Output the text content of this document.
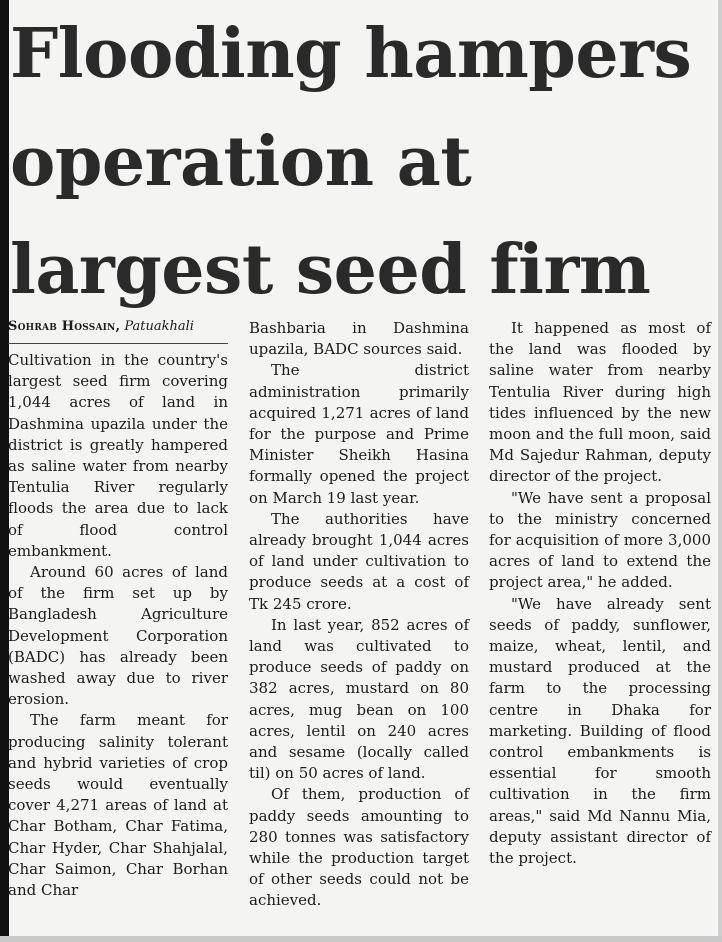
Flooding hampers
operation at
largest seed firm
Sohrab Hossain, Patuakhali

Cultivation in the country's largest seed firm covering 1,044 acres of land in Dashmina upazila under the district is greatly hampered as saline water from nearby Tentulia River regularly floods the area due to lack of flood control embankment.

Around 60 acres of land of the firm set up by Bangladesh Agriculture Development Corporation (BADC) has already been washed away due to river erosion.

The farm meant for producing salinity tolerant and hybrid varieties of crop seeds would eventually cover 4,271 areas of land at Char Botham, Char Fatima, Char Hyder, Char Shahjalal, Char Saimon, Char Borhan and Char

Bashbaria in Dashmina upazila, BADC sources said.

The district administration primarily acquired 1,271 acres of land for the purpose and Prime Minister Sheikh Hasina formally opened the project on March 19 last year.

The authorities have already brought 1,044 acres of land under cultivation to produce seeds at a cost of Tk 245 crore.

In last year, 852 acres of land was cultivated to produce seeds of paddy on 382 acres, mustard on 80 acres, mug bean on 100 acres, lentil on 240 acres and sesame (locally called til) on 50 acres of land.

Of them, production of paddy seeds amounting to 280 tonnes was satisfactory while the production target of other seeds could not be achieved.

It happened as most of the land was flooded by saline water from nearby Tentulia River during high tides influenced by the new moon and the full moon, said Md Sajedur Rahman, deputy director of the project.

"We have sent a proposal to the ministry concerned for acquisition of more 3,000 acres of land to extend the project area," he added.

"We have already sent seeds of paddy, sunflower, maize, wheat, lentil, and mustard produced at the farm to the processing centre in Dhaka for marketing. Building of flood control embankments is essential for smooth cultivation in the firm areas," said Md Nannu Mia, deputy assistant director of the project.
